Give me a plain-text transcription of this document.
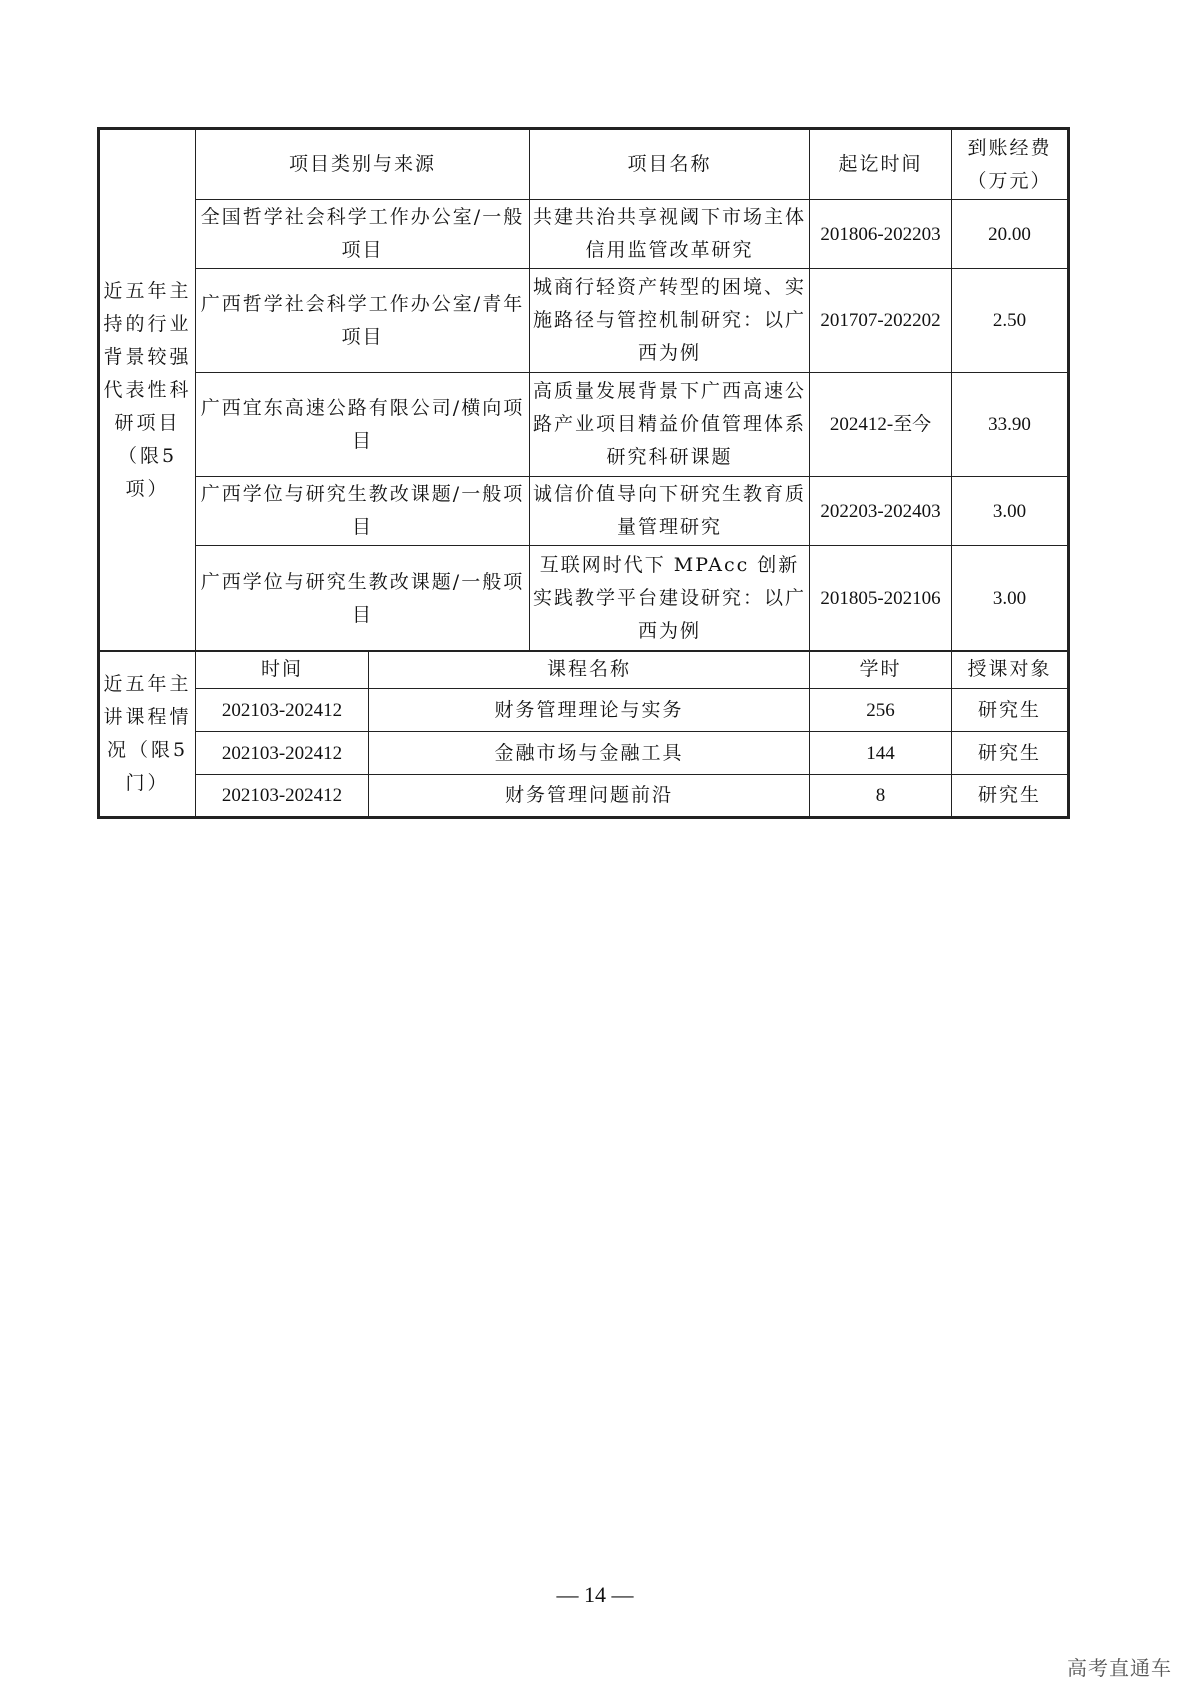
近五年主持的行业背景较强代表性科研项目（限5项）	项目类别与来源	项目名称	起讫时间	到账经费（万元）
	全国哲学社会科学工作办公室/一般项目	共建共治共享视阈下市场主体信用监管改革研究	201806-202203	20.00
	广西哲学社会科学工作办公室/青年项目	城商行轻资产转型的困境、实施路径与管控机制研究：以广西为例	201707-202202	2.50
	广西宜东高速公路有限公司/横向项目	高质量发展背景下广西高速公路产业项目精益价值管理体系研究科研课题	202412-至今	33.90
	广西学位与研究生教改课题/一般项目	诚信价值导向下研究生教育质量管理研究	202203-202403	3.00
	广西学位与研究生教改课题/一般项目	互联网时代下 MPAcc 创新实践教学平台建设研究：以广西为例	201805-202106	3.00
近五年主讲课程情况（限5门）	时间	课程名称	学时	授课对象
	202103-202412	财务管理理论与实务	256	研究生
	202103-202412	金融市场与金融工具	144	研究生
	202103-202412	财务管理问题前沿	8	研究生
— 14 —
高考直通车
